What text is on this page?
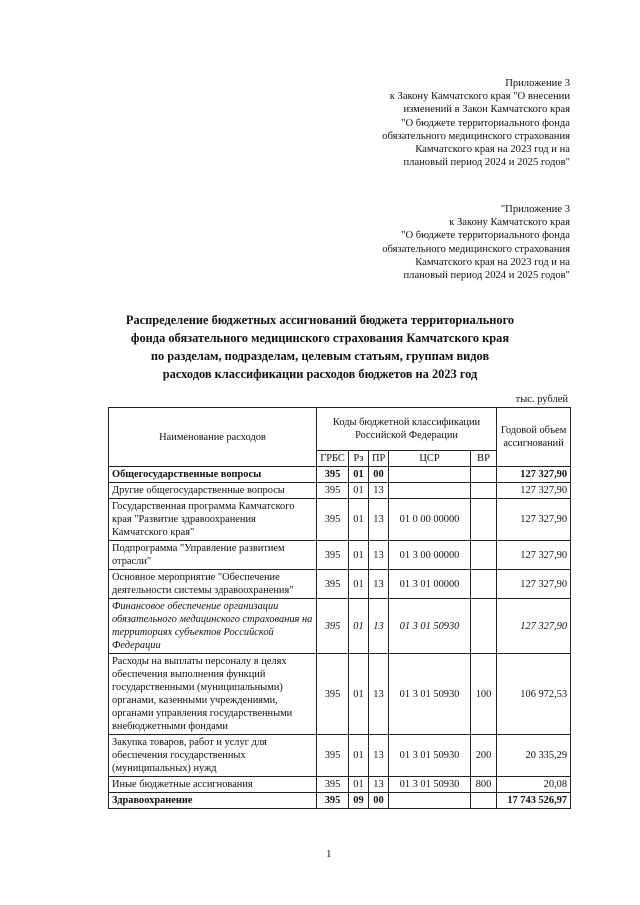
Приложение 3
к Закону Камчатского края "О внесении
изменений в Закон Камчатского края
"О бюджете территориального фонда
обязательного медицинского страхования
Камчатского края на 2023 год и на
плановый период 2024 и 2025 годов"
"Приложение 3
к Закону Камчатского края
"О бюджете территориального фонда
обязательного медицинского страхования
Камчатского края на 2023 год и на
плановый период 2024 и 2025 годов"
Распределение бюджетных ассигнований бюджета территориального
фонда обязательного медицинского страхования Камчатского края
по разделам, подразделам, целевым статьям, группам видов
расходов классификации расходов бюджетов на 2023 год
тыс. рублей
Наименование расходов	Коды бюджетной классификации Российской Федерации					Годовой объем ассигнований
	ГРБС	Рз	ПР	ЦСР	ВР	
Общегосударственные вопросы	395	01	00			127 327,90
Другие общегосударственные вопросы	395	01	13			127 327,90
Государственная программа Камчатского края "Развитие здравоохранения Камчатского края"	395	01	13	01 0 00 00000		127 327,90
Подпрограмма "Управление развитием отрасли"	395	01	13	01 3 00 00000		127 327,90
Основное мероприятие "Обеспечение деятельности системы здравоохранения"	395	01	13	01 3 01 00000		127 327,90
Финансовое обеспечение организации обязательного медицинского страхования на территориях субъектов Российской Федерации	395	01	13	01 3 01 50930		127 327,90
Расходы на выплаты персоналу в целях обеспечения выполнения функций государственными (муниципальными) органами, казенными учреждениями, органами управления государственными внебюджетными фондами	395	01	13	01 3 01 50930	100	106 972,53
Закупка товаров, работ и услуг для обеспечения государственных (муниципальных) нужд	395	01	13	01 3 01 50930	200	20 335,29
Иные бюджетные ассигнования	395	01	13	01 3 01 50930	800	20,08
Здравоохранение	395	09	00			17 743 526,97
1
